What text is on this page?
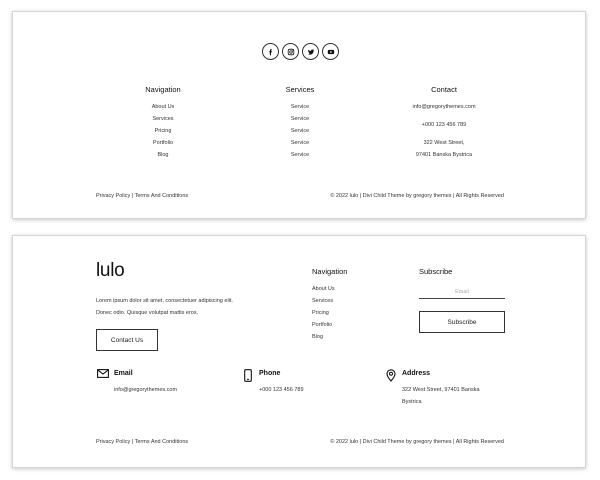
Navigation
About Us
Services
Pricing
Portfolio
Blog
Services
Service
Service
Service
Service
Service
Contact
info@gregorythemes.com
+000 123 456 789
322 West Street,
97401 Banska Bystrica
Privacy Policy | Terms And Conditions	© 2022 lulo | Divi Child Theme by gregory themes | All Rights Reserved
lulo
Lorem ipsum dolor sit amet, consectetuer adipiscing elit.
Donec odio. Quisque volutpat mattis eros.
Contact Us
Navigation
About Us
Services
Pricing
Portfolio
Blog
Subscribe
Email
Subscribe
Email
info@gregorythemes.com
Phone
+000 123 456 789
Address
322 West Street, 97401 Banska Bystrica
Privacy Policy | Terms And Conditions	© 2022 lulo | Divi Child Theme by gregory themes | All Rights Reserved
